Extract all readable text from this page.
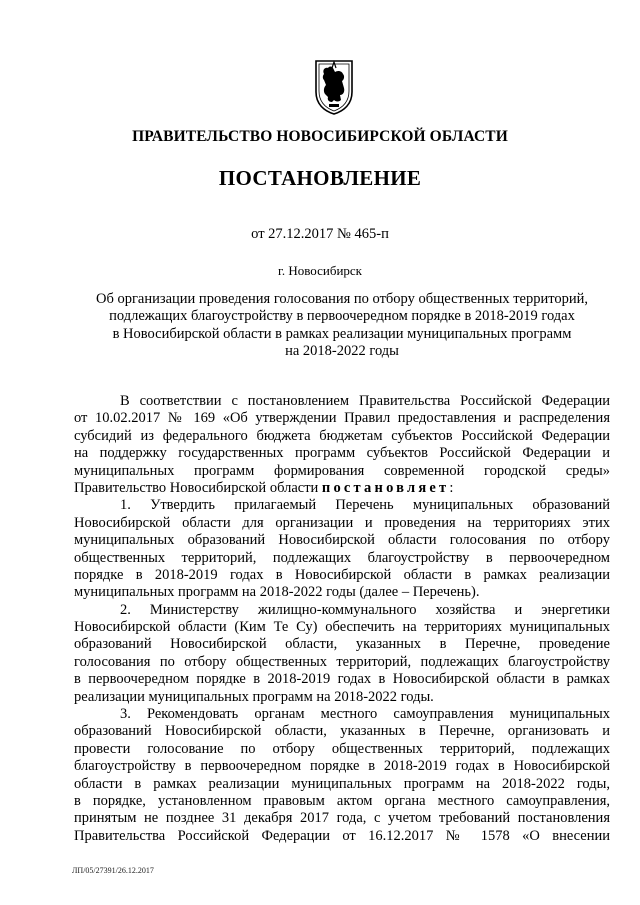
ПРАВИТЕЛЬСТВО НОВОСИБИРСКОЙ ОБЛАСТИ
ПОСТАНОВЛЕНИЕ
от 27.12.2017 № 465-п
г. Новосибирск
Об организации проведения голосования по отбору общественных территорий,
подлежащих благоустройству в первоочередном порядке в 2018-2019 годах
в Новосибирской области в рамках реализации муниципальных программ
на 2018-2022 годы
В соответствии с постановлением Правительства Российской Федерации
от 10.02.2017 № 169 «Об утверждении Правил предоставления и распределения
субсидий из федерального бюджета бюджетам субъектов Российской Федерации
на поддержку государственных программ субъектов Российской Федерации и
муниципальных программ формирования современной городской среды»
Правительство Новосибирской области постановляет:
1. Утвердить прилагаемый Перечень муниципальных образований
Новосибирской области для организации и проведения на территориях этих
муниципальных образований Новосибирской области голосования по отбору
общественных территорий, подлежащих благоустройству в первоочередном
порядке в 2018-2019 годах в Новосибирской области в рамках реализации
муниципальных программ на 2018-2022 годы (далее – Перечень).
2. Министерству жилищно-коммунального хозяйства и энергетики
Новосибирской области (Ким Те Су) обеспечить на территориях муниципальных
образований Новосибирской области, указанных в Перечне, проведение
голосования по отбору общественных территорий, подлежащих благоустройству
в первоочередном порядке в 2018-2019 годах в Новосибирской области в рамках
реализации муниципальных программ на 2018-2022 годы.
3. Рекомендовать органам местного самоуправления муниципальных
образований Новосибирской области, указанных в Перечне, организовать и
провести голосование по отбору общественных территорий, подлежащих
благоустройству в первоочередном порядке в 2018-2019 годах в Новосибирской
области в рамках реализации муниципальных программ на 2018-2022 годы,
в порядке, установленном правовым актом органа местного самоуправления,
принятым не позднее 31 декабря 2017 года, с учетом требований постановления
Правительства Российской Федерации от 16.12.2017 № 1578 «О внесении
ЛП/05/27391/26.12.2017
